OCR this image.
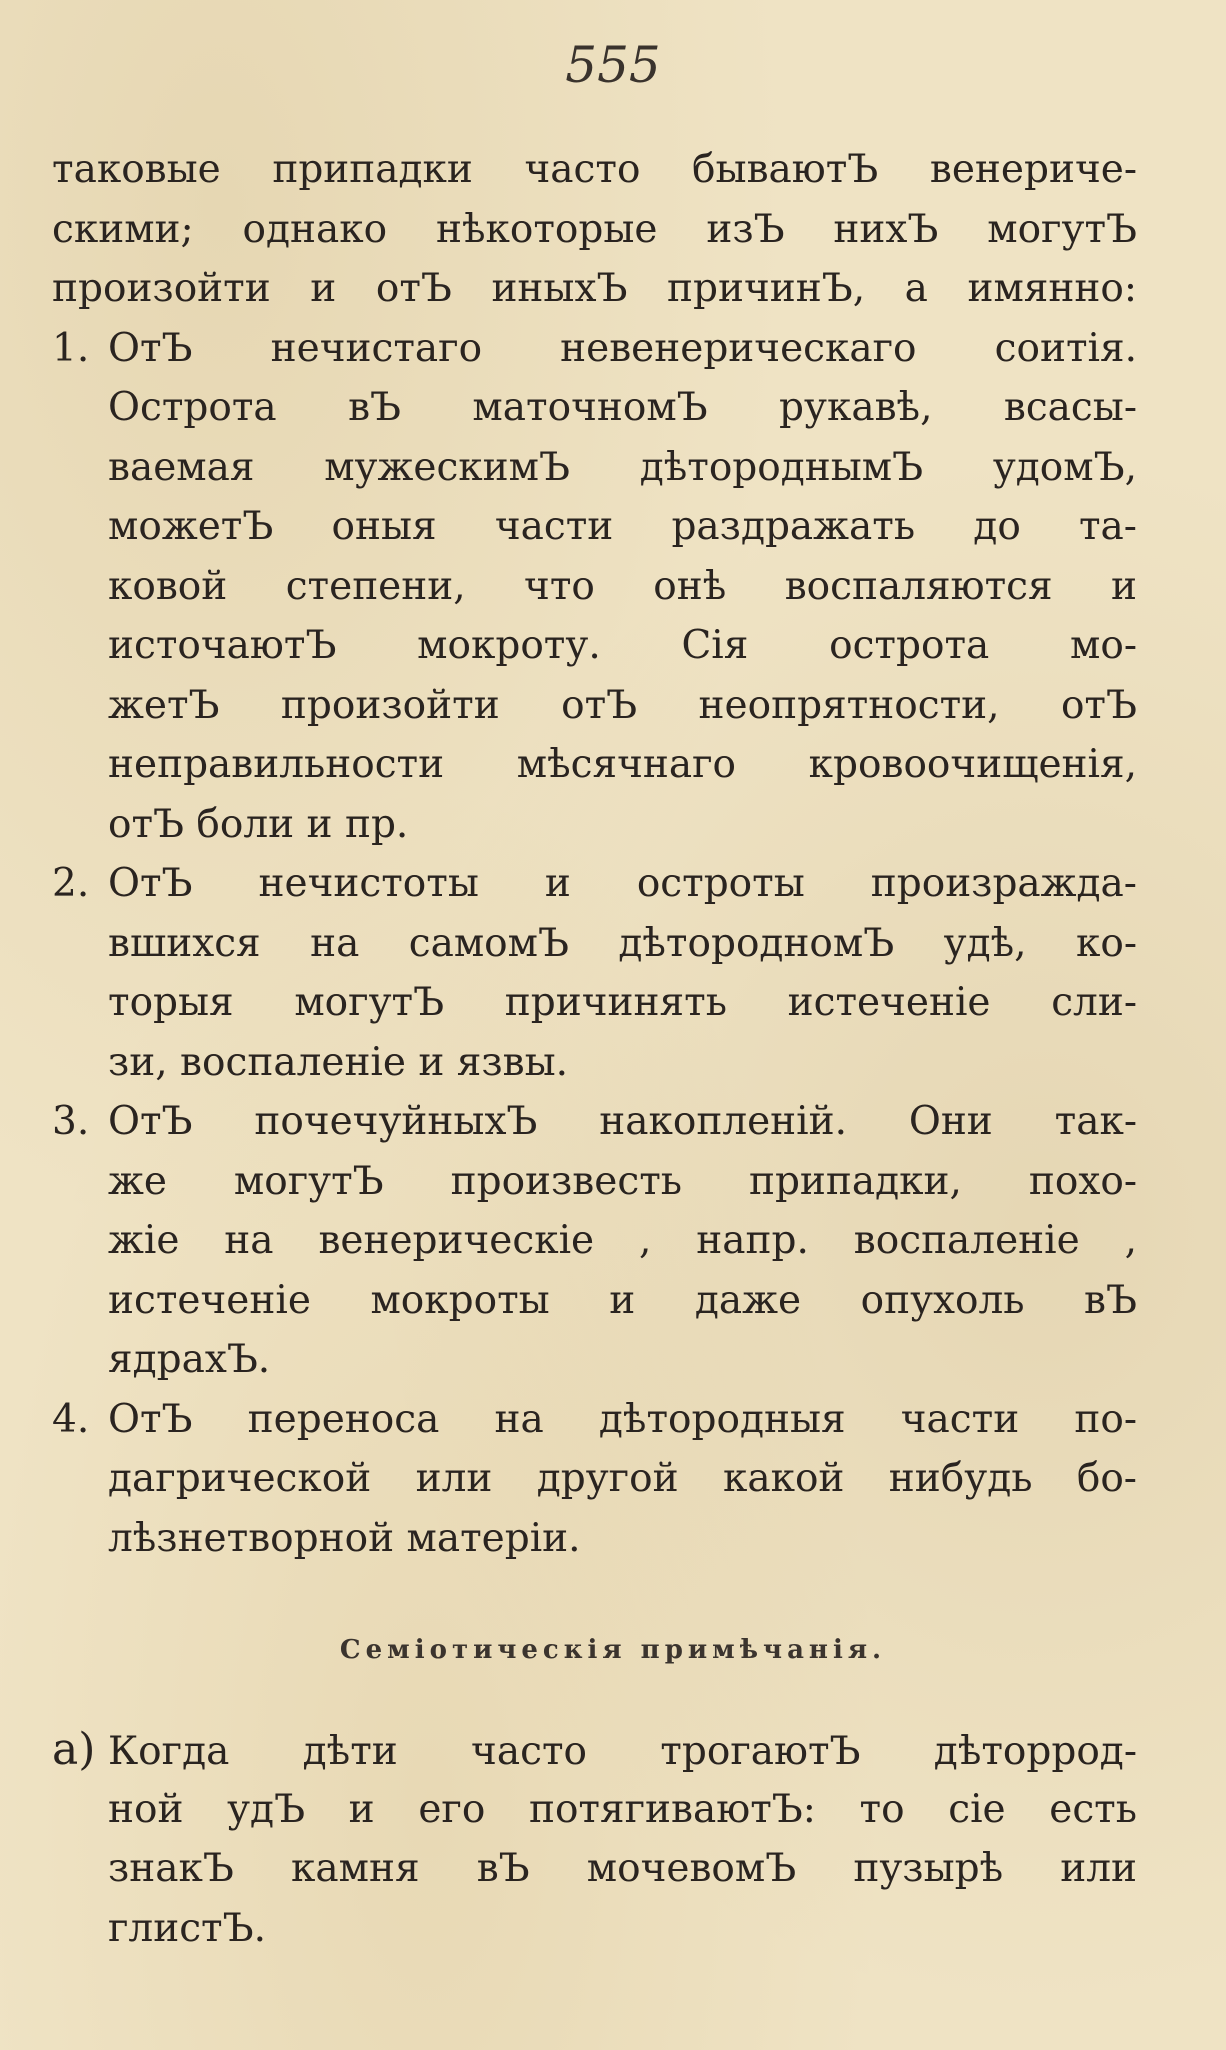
555
таковые припадки часто бываютЪ венериче-
скими; однако нѣкоторые изЪ нихЪ могутЪ
произойти и отЪ иныхЪ причинЪ, а имянно:
1. ОтЪ нечистаго невенерическаго соитія.
Острота вЪ маточномЪ рукавѣ, всасы-
ваемая мужескимЪ дѣтороднымЪ удомЪ,
можетЪ оныя части раздражать до та-
ковой степени, что онѣ воспаляются и
источаютЪ мокроту. Сія острота мо-
жетЪ произойти отЪ неопрятности, отЪ
неправильности мѣсячнаго кровоочищенія,
отЪ боли и пр.
2. ОтЪ нечистоты и остроты произражда-
вшихся на самомЪ дѣтородномЪ удѣ, ко-
торыя могутЪ причинять истеченіе сли-
зи, воспаленіе и язвы.
3. ОтЪ почечуйныхЪ накопленій. Они так-
же могутЪ произвесть припадки, похо-
жіе на венерическіе , напр. воспаленіе ,
истеченіе мокроты и даже опухоль вЪ
ядрахЪ.
4. ОтЪ переноса на дѣтородныя части по-
дагрической или другой какой нибудь бо-
лѣзнетворной матеріи.
Семіотическія примѣчанія.
а) Когда дѣти часто трогаютЪ дѣторрод-
ной удЪ и его потягиваютЪ: то сіе есть
знакЪ камня вЪ мочевомЪ пузырѣ или
глистЪ.
